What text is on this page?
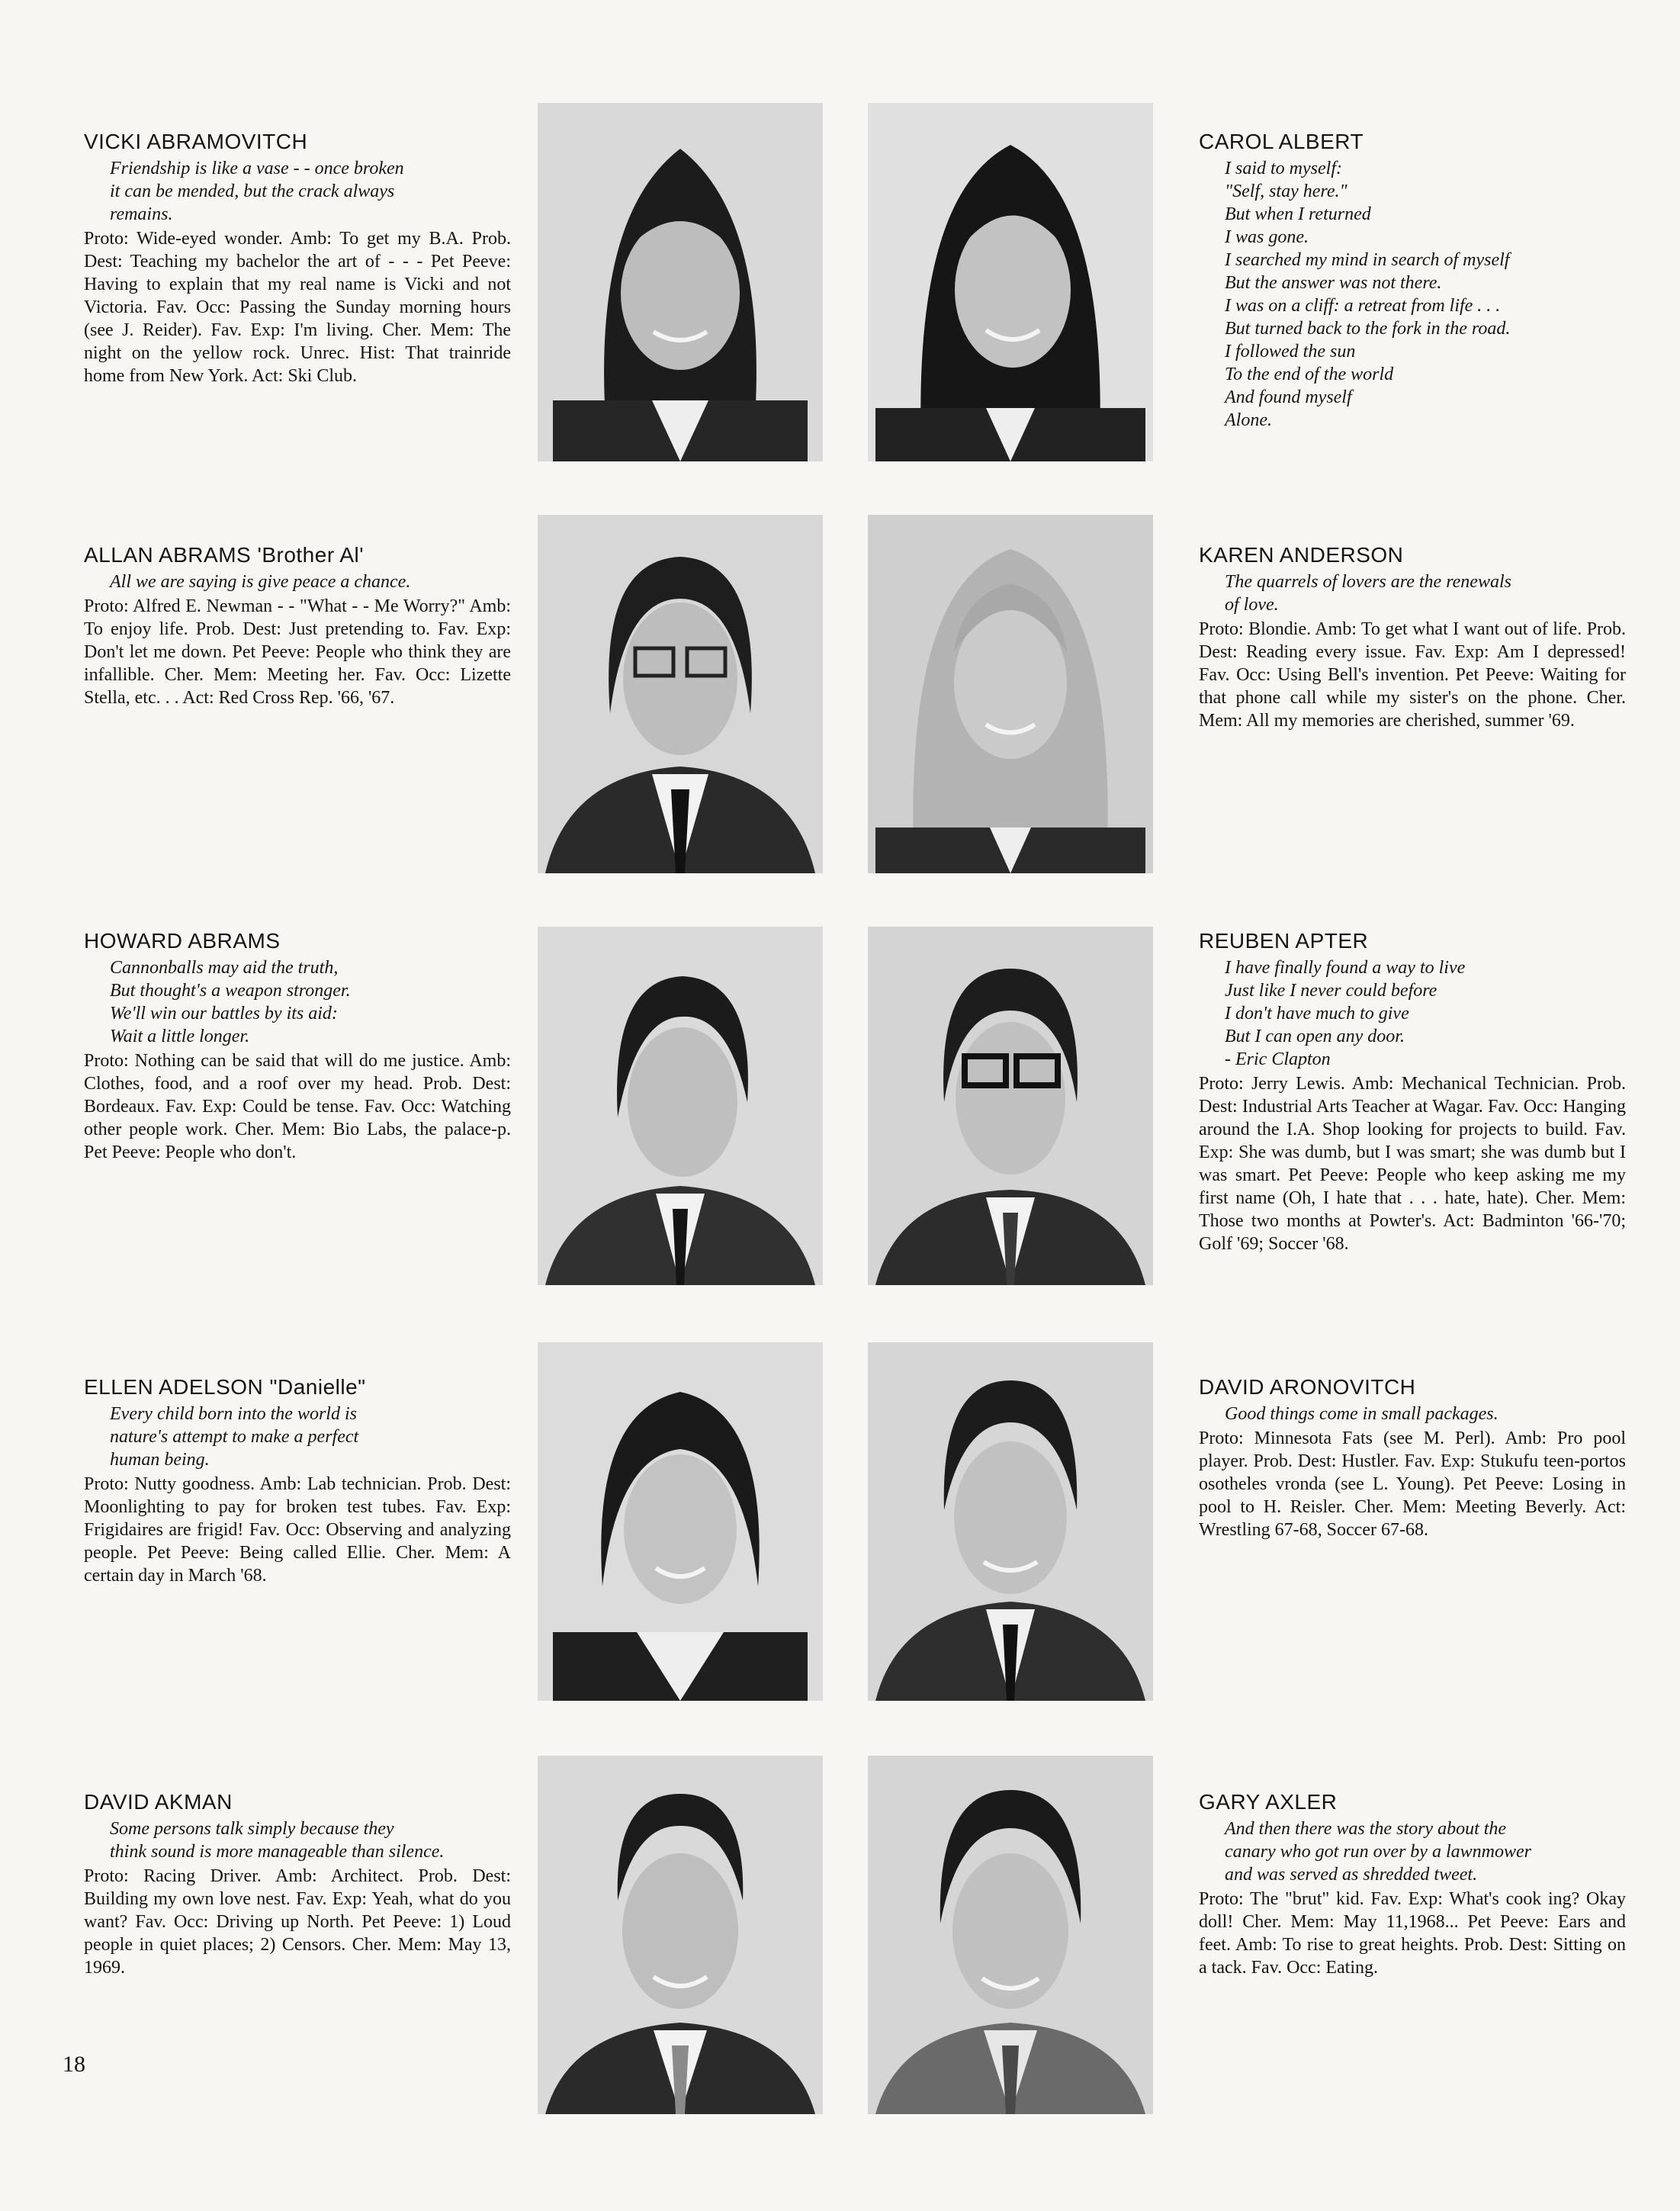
VICKI ABRAMOVITCH
Friendship is like a vase - - once broken
it can be mended, but the crack always
remains.

Proto: Wide-eyed wonder. Amb: To get my B.A. Prob. Dest: Teaching my bachelor the art of - - - Pet Peeve: Having to explain that my real name is Vicki and not Victoria. Fav. Occ: Passing the Sunday morning hours (see J. Reider). Fav. Exp: I'm living. Cher. Mem: The night on the yellow rock. Unrec. Hist: That trainride home from New York. Act: Ski Club.

CAROL ALBERT
I said to myself:
"Self, stay here."
But when I returned
I was gone.
I searched my mind in search of myself
But the answer was not there.
I was on a cliff: a retreat from life . . .
But turned back to the fork in the road.
I followed the sun
To the end of the world
And found myself
Alone.
ALLAN ABRAMS 'Brother Al'
All we are saying is give peace a chance.

Proto: Alfred E. Newman - - "What - - Me Worry?" Amb: To enjoy life. Prob. Dest: Just pretending to. Fav. Exp: Don't let me down. Pet Peeve: People who think they are infallible. Cher. Mem: Meeting her. Fav. Occ: Lizette Stella, etc. . . Act: Red Cross Rep. '66, '67.

KAREN ANDERSON
The quarrels of lovers are the renewals
of love.

Proto: Blondie. Amb: To get what I want out of life. Prob. Dest: Reading every issue. Fav. Exp: Am I depressed! Fav. Occ: Using Bell's invention. Pet Peeve: Waiting for that phone call while my sister's on the phone. Cher. Mem: All my memories are cherished, summer '69.

HOWARD ABRAMS
Cannonballs may aid the truth,
But thought's a weapon stronger.
We'll win our battles by its aid:
Wait a little longer.

Proto: Nothing can be said that will do me justice. Amb: Clothes, food, and a roof over my head. Prob. Dest: Bordeaux. Fav. Exp: Could be tense. Fav. Occ: Watching other people work. Cher. Mem: Bio Labs, the palace-p. Pet Peeve: People who don't.

REUBEN APTER
I have finally found a way to live
Just like I never could before
I don't have much to give
But I can open any door.
- Eric Clapton

Proto: Jerry Lewis. Amb: Mechanical Technician. Prob. Dest: Industrial Arts Teacher at Wagar. Fav. Occ: Hanging around the I.A. Shop looking for projects to build. Fav. Exp: She was dumb, but I was smart; she was dumb but I was smart. Pet Peeve: People who keep asking me my first name (Oh, I hate that . . . hate, hate). Cher. Mem: Those two months at Powter's. Act: Badminton '66-'70; Golf '69; Soccer '68.

ELLEN ADELSON "Danielle"
Every child born into the world is
nature's attempt to make a perfect
human being.

Proto: Nutty goodness. Amb: Lab technician. Prob. Dest: Moonlighting to pay for broken test tubes. Fav. Exp: Frigidaires are frigid! Fav. Occ: Observing and analyzing people. Pet Peeve: Being called Ellie. Cher. Mem: A certain day in March '68.

DAVID ARONOVITCH
Good things come in small packages.

Proto: Minnesota Fats (see M. Perl). Amb: Pro pool player. Prob. Dest: Hustler. Fav. Exp: Stukufu teen-portos osotheles vronda (see L. Young). Pet Peeve: Losing in pool to H. Reisler. Cher. Mem: Meeting Beverly. Act: Wrestling 67-68, Soccer 67-68.

DAVID AKMAN
Some persons talk simply because they
think sound is more manageable than silence.

Proto: Racing Driver. Amb: Architect. Prob. Dest: Building my own love nest. Fav. Exp: Yeah, what do you want? Fav. Occ: Driving up North. Pet Peeve: 1) Loud people in quiet places; 2) Censors. Cher. Mem: May 13, 1969.

GARY AXLER
And then there was the story about the
canary who got run over by a lawnmower
and was served as shredded tweet.

Proto: The "brut" kid. Fav. Exp: What's cook ing? Okay doll! Cher. Mem: May 11,1968... Pet Peeve: Ears and feet. Amb: To rise to great heights. Prob. Dest: Sitting on a tack. Fav. Occ: Eating.

18
